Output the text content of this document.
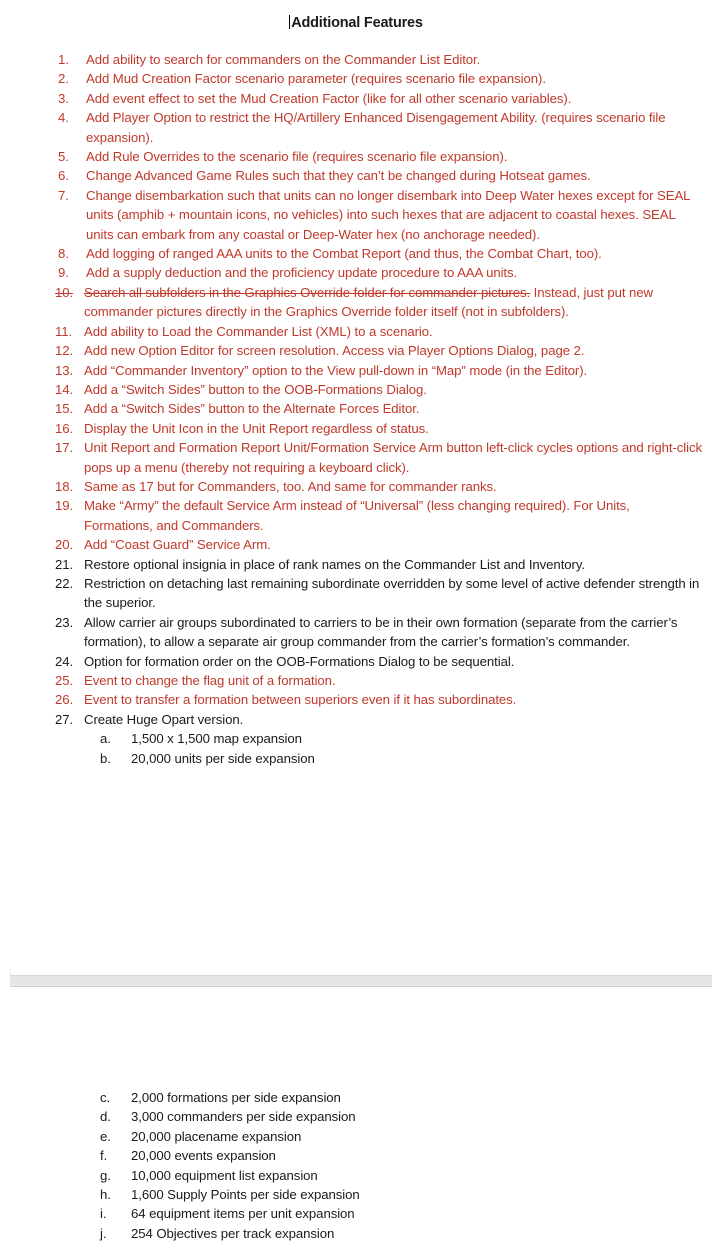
Additional Features
1.	Add ability to search for commanders on the Commander List Editor.
2.	Add Mud Creation Factor scenario parameter (requires scenario file expansion).
3.	Add event effect to set the Mud Creation Factor (like for all other scenario variables).
4.	Add Player Option to restrict the HQ/Artillery Enhanced Disengagement Ability. (requires scenario file expansion).
5.	Add Rule Overrides to the scenario file (requires scenario file expansion).
6.	Change Advanced Game Rules such that they can’t be changed during Hotseat games.
7.	Change disembarkation such that units can no longer disembark into Deep Water hexes except for SEAL units (amphib + mountain icons, no vehicles) into such hexes that are adjacent to coastal hexes. SEAL units can embark from any coastal or Deep-Water hex (no anchorage needed).
8.	Add logging of ranged AAA units to the Combat Report (and thus, the Combat Chart, too).
9.	Add a supply deduction and the proficiency update procedure to AAA units.
10. Search all subfolders in the Graphics Override folder for commander pictures. Instead, just put new commander pictures directly in the Graphics Override folder itself (not in subfolders).
11. Add ability to Load the Commander List (XML) to a scenario.
12. Add new Option Editor for screen resolution. Access via Player Options Dialog, page 2.
13. Add “Commander Inventory” option to the View pull-down in “Map” mode (in the Editor).
14. Add a “Switch Sides” button to the OOB-Formations Dialog.
15. Add a “Switch Sides” button to the Alternate Forces Editor.
16. Display the Unit Icon in the Unit Report regardless of status.
17. Unit Report and Formation Report Unit/Formation Service Arm button left-click cycles options and right-click pops up a menu (thereby not requiring a keyboard click).
18. Same as 17 but for Commanders, too. And same for commander ranks.
19. Make “Army” the default Service Arm instead of “Universal” (less changing required). For Units, Formations, and Commanders.
20. Add “Coast Guard” Service Arm.
21. Restore optional insignia in place of rank names on the Commander List and Inventory.
22. Restriction on detaching last remaining subordinate overridden by some level of active defender strength in the superior.
23. Allow carrier air groups subordinated to carriers to be in their own formation (separate from the carrier’s formation), to allow a separate air group commander from the carrier’s formation’s commander.
24. Option for formation order on the OOB-Formations Dialog to be sequential.
25. Event to change the flag unit of a formation.
26. Event to transfer a formation between superiors even if it has subordinates.
27. Create Huge Opart version.
a.	1,500 x 1,500 map expansion
b.	20,000 units per side expansion
c.	2,000 formations per side expansion
d.	3,000 commanders per side expansion
e.	20,000 placename expansion
f.	20,000 events expansion
g.	10,000 equipment list expansion
h.	1,600 Supply Points per side expansion
i.	64 equipment items per unit expansion
j.	254 Objectives per track expansion
